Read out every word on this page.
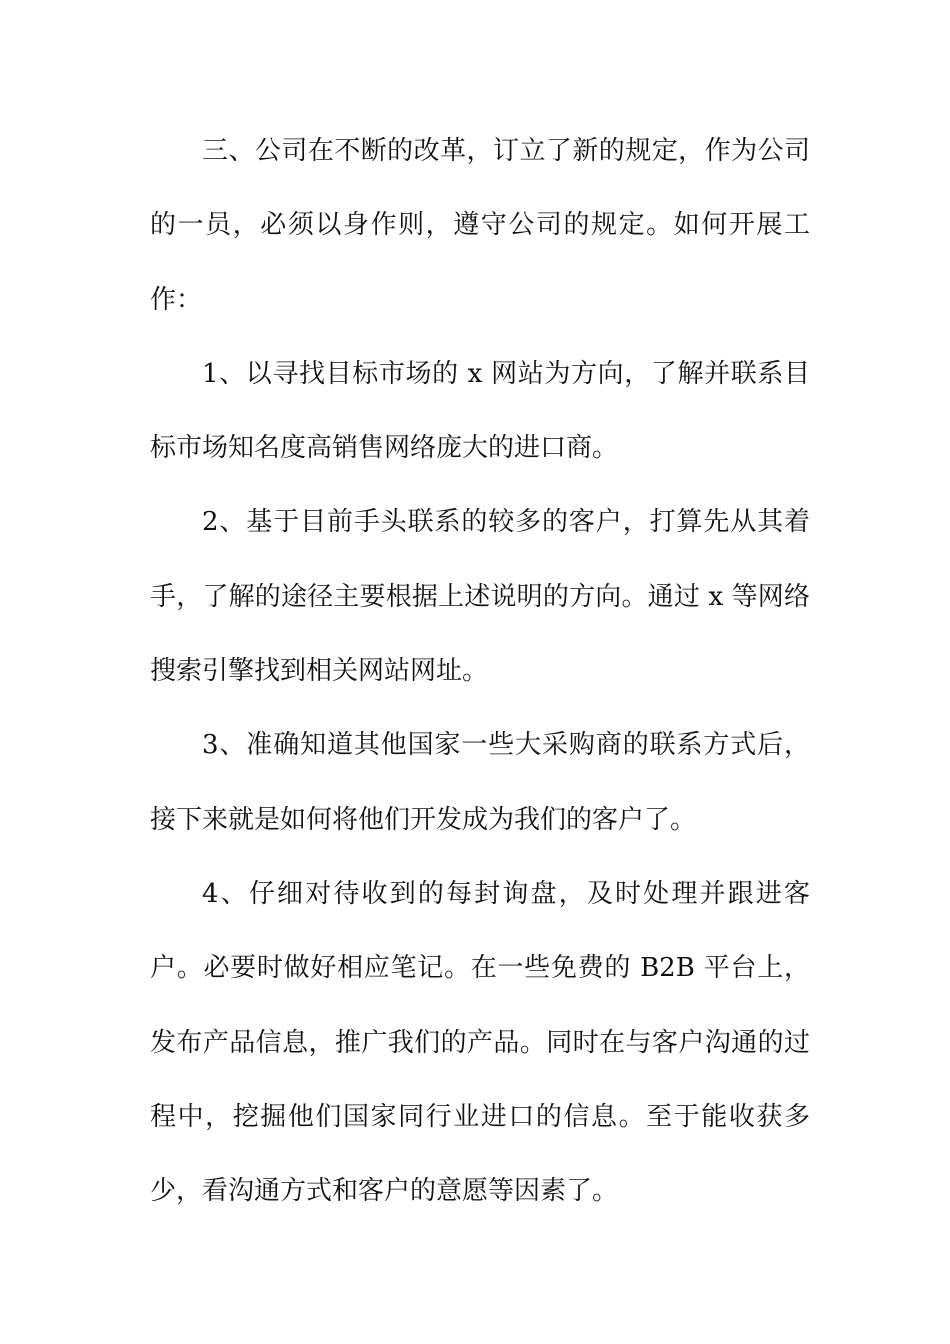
三、公司在不断的改革，订立了新的规定，作为公司的一员，必须以身作则，遵守公司的规定。如何开展工作：

1、以寻找目标市场的 x 网站为方向，了解并联系目标市场知名度高销售网络庞大的进口商。

2、基于目前手头联系的较多的客户，打算先从其着手，了解的途径主要根据上述说明的方向。通过 x 等网络搜索引擎找到相关网站网址。

3、准确知道其他国家一些大采购商的联系方式后，接下来就是如何将他们开发成为我们的客户了。

4、仔细对待收到的每封询盘，及时处理并跟进客户。必要时做好相应笔记。在一些免费的 B2B 平台上，发布产品信息，推广我们的产品。同时在与客户沟通的过程中，挖掘他们国家同行业进口的信息。至于能收获多少，看沟通方式和客户的意愿等因素了。
